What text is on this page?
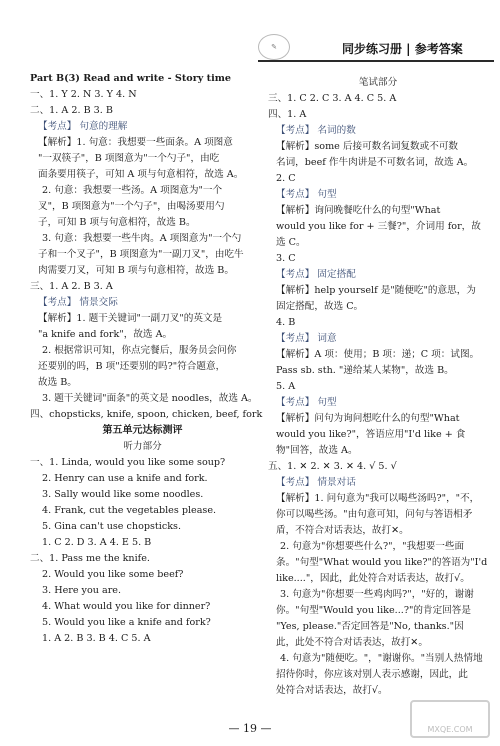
✎	同步练习册 | 参考答案
Part B(3) Read and write - Story time
一、1. Y 2. N 3. Y 4. N
二、1. A 2. B 3. B
【考点】 句意的理解
【解析】1. 句意：我想要一些面条。A 项图意
"一双筷子"，B 项图意为"一个勺子"，由吃
面条要用筷子，可知 A 项与句意相符，故选 A。
2. 句意：我想要一些汤。A 项图意为"一个
叉"，B 项图意为"一个勺子"，由喝汤要用勺
子，可知 B 项与句意相符，故选 B。
3. 句意：我想要一些牛肉。A 项图意为"一个勺
子和一个叉子"，B 项图意为"一副刀叉"，由吃牛
肉需要刀叉，可知 B 项与句意相符，故选 B。
三、1. A 2. B 3. A
【考点】 情景交际
【解析】1. 题干关键词"一副刀叉"的英文是
"a knife and fork"，故选 A。
2. 根据常识可知，你点完餐后，服务员会问你
还要别的吗，B 项"还要别的吗?"符合题意，
故选 B。
3. 题干关键词"面条"的英文是 noodles，故选 A。
四、chopsticks, knife, spoon, chicken, beef, fork
第五单元达标测评
听力部分
一、1. Linda, would you like some soup?
2. Henry can use a knife and fork.
3. Sally would like some noodles.
4. Frank, cut the vegetables please.
5. Gina can't use chopsticks.
1. C 2. D 3. A 4. E 5. B
二、1. Pass me the knife.
2. Would you like some beef?
3. Here you are.
4. What would you like for dinner?
5. Would you like a knife and fork?
1. A 2. B 3. B 4. C 5. A
笔试部分
三、1. C 2. C 3. A 4. C 5. A
四、1. A
【考点】 名词的数
【解析】some 后接可数名词复数或不可数
名词，beef 作牛肉讲是不可数名词，故选 A。
2. C
【考点】 句型
【解析】询问晚餐吃什么的句型"What
would you like for + 三餐?"，介词用 for，故
选 C。
3. C
【考点】 固定搭配
【解析】help yourself 是"随便吃"的意思，为
固定搭配，故选 C。
4. B
【考点】 词意
【解析】A 项：使用；B 项：递；C 项：试图。
Pass sb. sth. "递给某人某物"，故选 B。
5. A
【考点】 句型
【解析】问句为询问想吃什么的句型"What
would you like?"，答语应用"I'd like + 食
物"回答，故选 A。
五、1. ✕ 2. ✕ 3. ✕ 4. √ 5. √
【考点】 情景对话
【解析】1. 问句意为"我可以喝些汤吗?"，"不，
你可以喝些汤。"由句意可知，问句与答语相矛
盾，不符合对话表达，故打✕。
2. 句意为"你想要些什么?"，"我想要一些面
条。"句型"What would you like?"的答语为"I'd
like...."，因此，此处符合对话表达，故打√。
3. 句意为"你想要一些鸡肉吗?"，"好的，谢谢
你。"句型"Would you like...?"的肯定回答是
"Yes, please."否定回答是"No, thanks."因
此，此处不符合对话表达，故打✕。
4. 句意为"随便吃。"，"谢谢你。"当别人热情地
招待你时，你应该对别人表示感谢，因此，此
处符合对话表达，故打√。
— 19 —	MXQE.COM
